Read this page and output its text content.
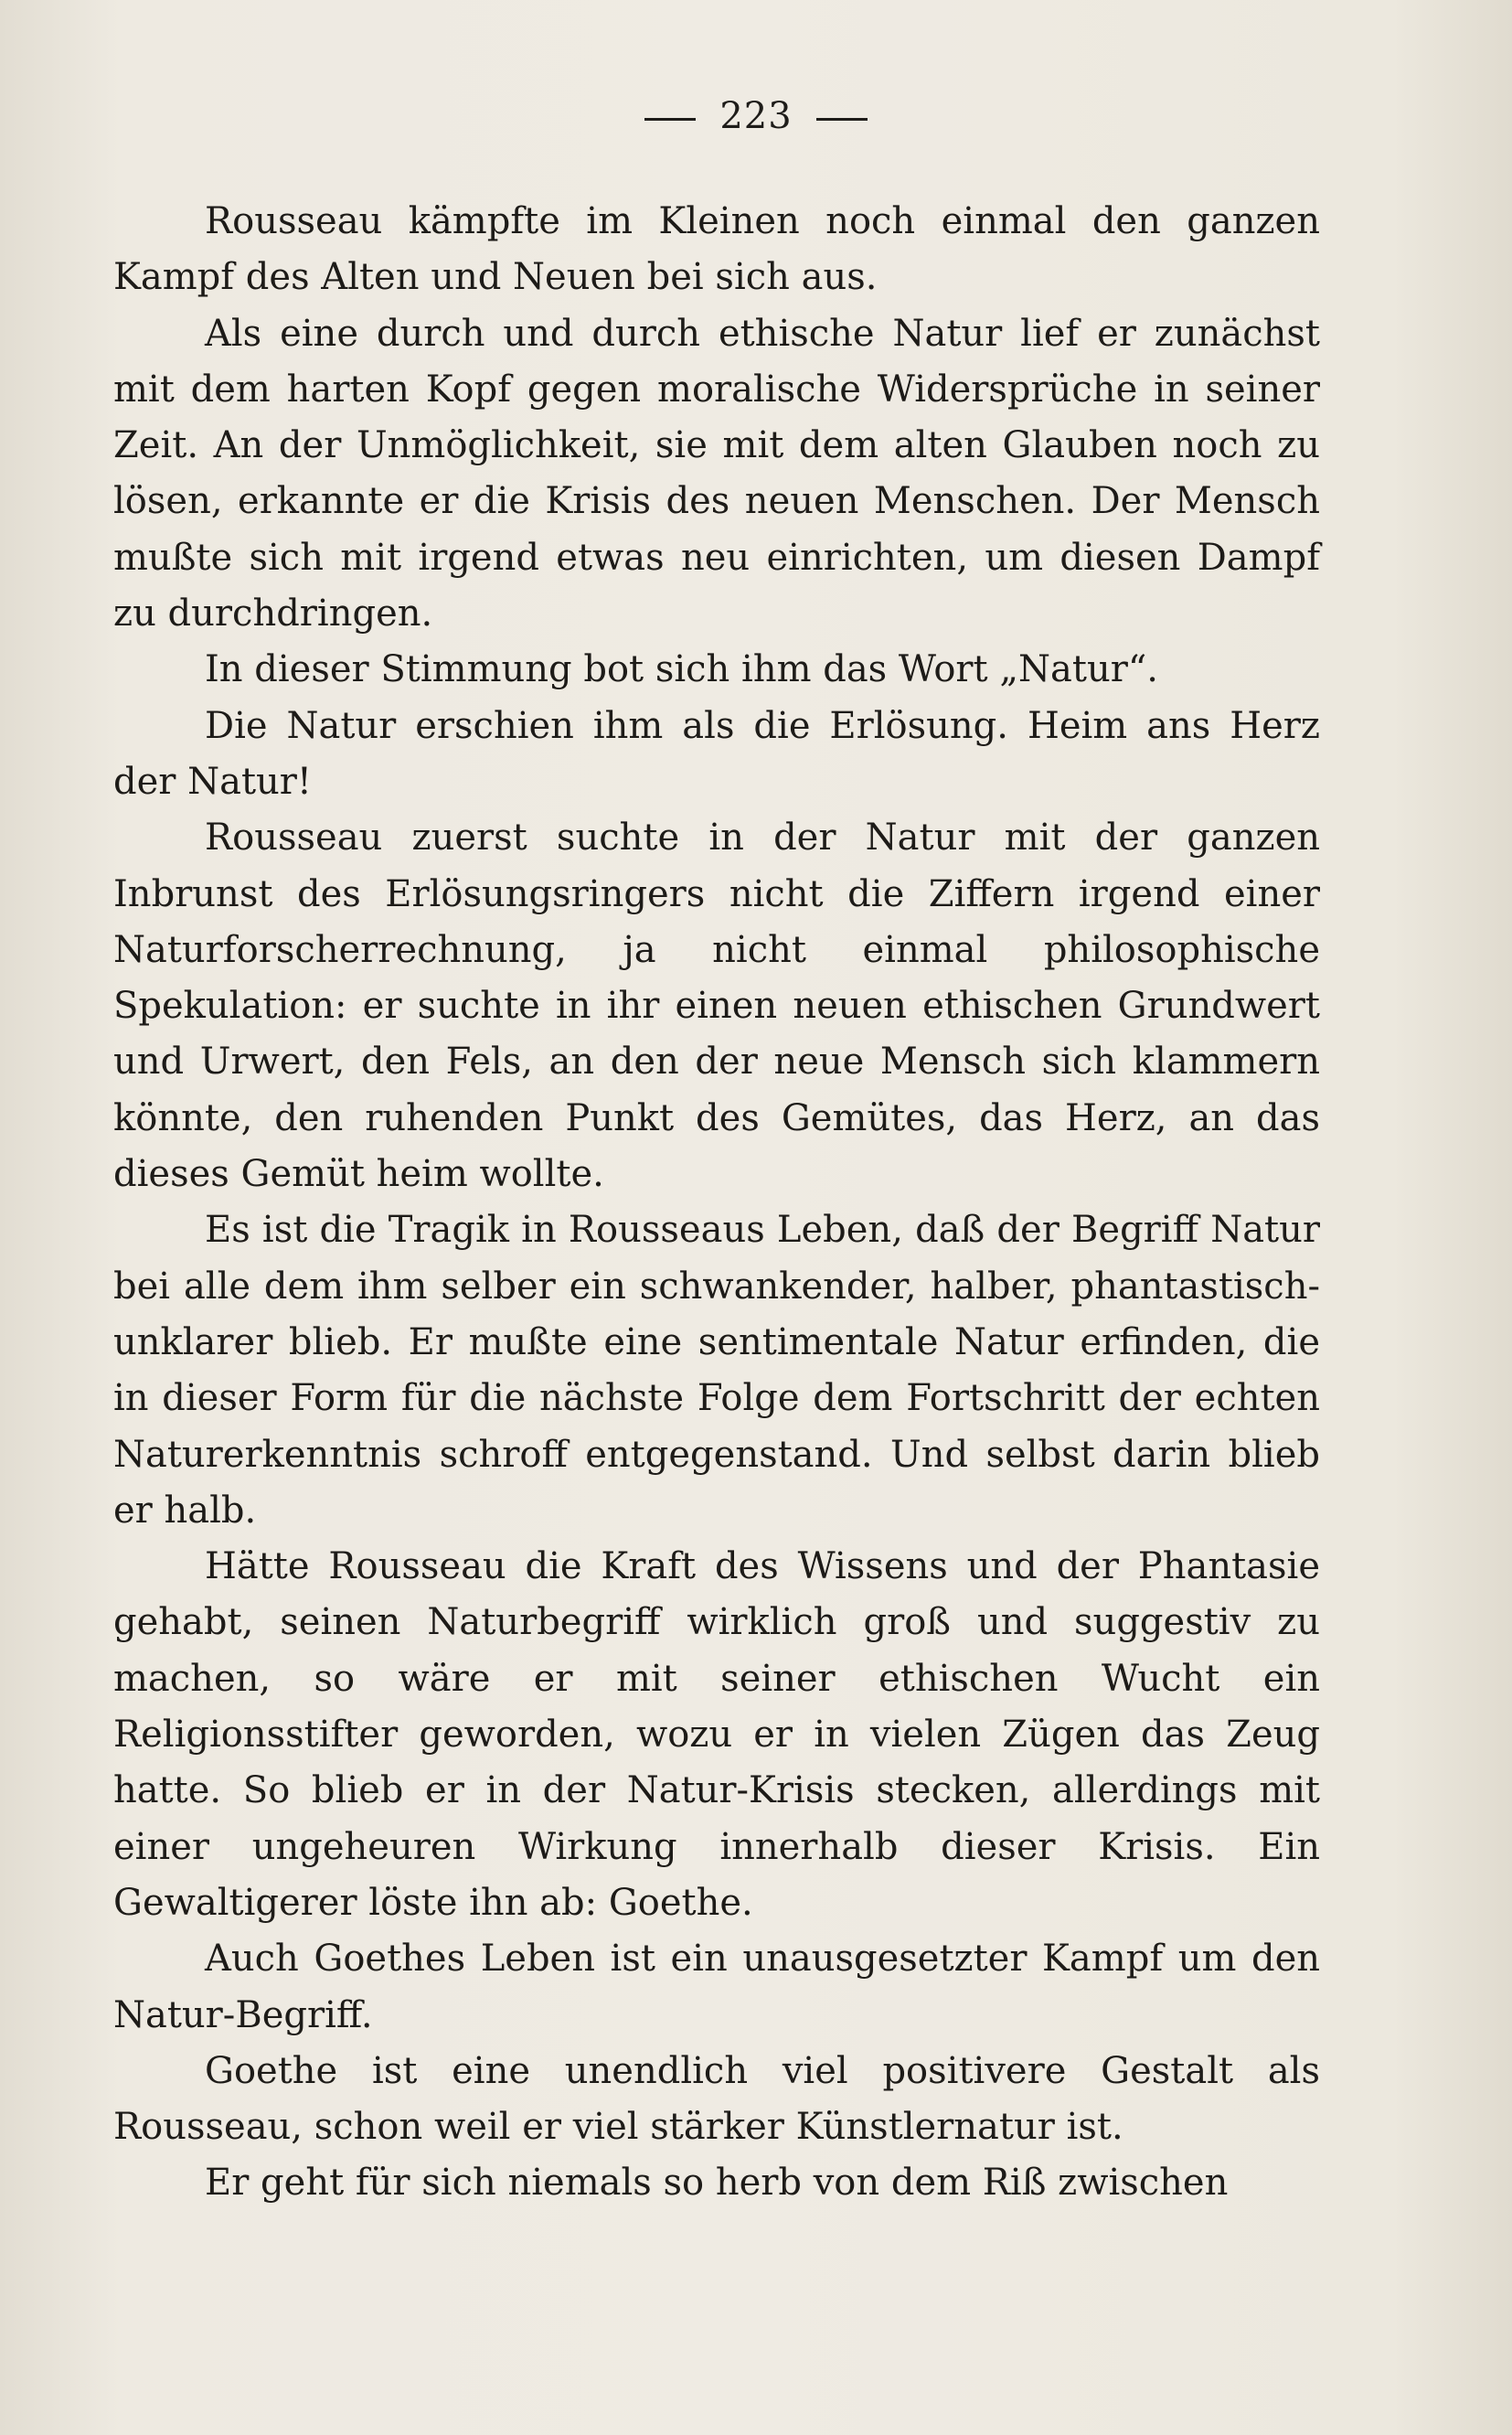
223

Rousseau kämpfte im Kleinen noch einmal den ganzen Kampf des Alten und Neuen bei sich aus.

Als eine durch und durch ethische Natur lief er zunächst mit dem harten Kopf gegen moralische Widersprüche in seiner Zeit. An der Unmöglichkeit, sie mit dem alten Glauben noch zu lösen, erkannte er die Krisis des neuen Menschen. Der Mensch mußte sich mit irgend etwas neu einrichten, um diesen Dampf zu durchdringen.

In dieser Stimmung bot sich ihm das Wort „Natur“.

Die Natur erschien ihm als die Erlösung. Heim ans Herz der Natur!

Rousseau zuerst suchte in der Natur mit der ganzen Inbrunst des Erlösungsringers nicht die Ziffern irgend einer Naturforscherrechnung, ja nicht einmal philosophische Spekulation: er suchte in ihr einen neuen ethischen Grundwert und Urwert, den Fels, an den der neue Mensch sich klammern könnte, den ruhenden Punkt des Gemütes, das Herz, an das dieses Gemüt heim wollte.

Es ist die Tragik in Rousseaus Leben, daß der Begriff Natur bei alle dem ihm selber ein schwankender, halber, phantastisch-unklarer blieb. Er mußte eine sentimentale Natur erfinden, die in dieser Form für die nächste Folge dem Fortschritt der echten Naturerkenntnis schroff entgegenstand. Und selbst darin blieb er halb.

Hätte Rousseau die Kraft des Wissens und der Phantasie gehabt, seinen Naturbegriff wirklich groß und suggestiv zu machen, so wäre er mit seiner ethischen Wucht ein Religionsstifter geworden, wozu er in vielen Zügen das Zeug hatte. So blieb er in der Natur-Krisis stecken, allerdings mit einer ungeheuren Wirkung innerhalb dieser Krisis. Ein Gewaltigerer löste ihn ab: Goethe.

Auch Goethes Leben ist ein unausgesetzter Kampf um den Natur-Begriff.

Goethe ist eine unendlich viel positivere Gestalt als Rousseau, schon weil er viel stärker Künstlernatur ist.

Er geht für sich niemals so herb von dem Riß zwischen
